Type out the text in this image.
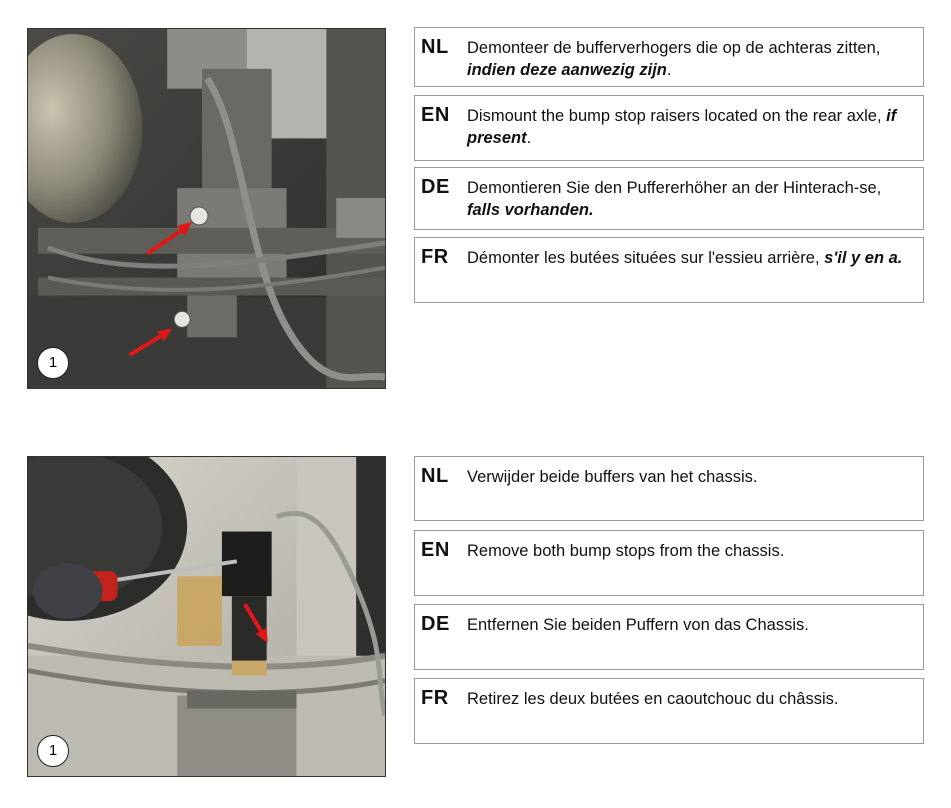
1
NL Demonteer de bufferverhogers die op de achteras zitten, indien deze aanwezig zijn.
EN Dismount the bump stop raisers located on the rear axle, if present.
DE Demontieren Sie den Puffererhöher an der Hinterach-se, falls vorhanden.
FR Démonter les butées situées sur l'essieu arrière, s'il y en a.
1
NL Verwijder beide buffers van het chassis.
EN Remove both bump stops from the chassis.
DE Entfernen Sie beiden Puffern von das Chassis.
FR Retirez les deux butées en caoutchouc du châssis.
